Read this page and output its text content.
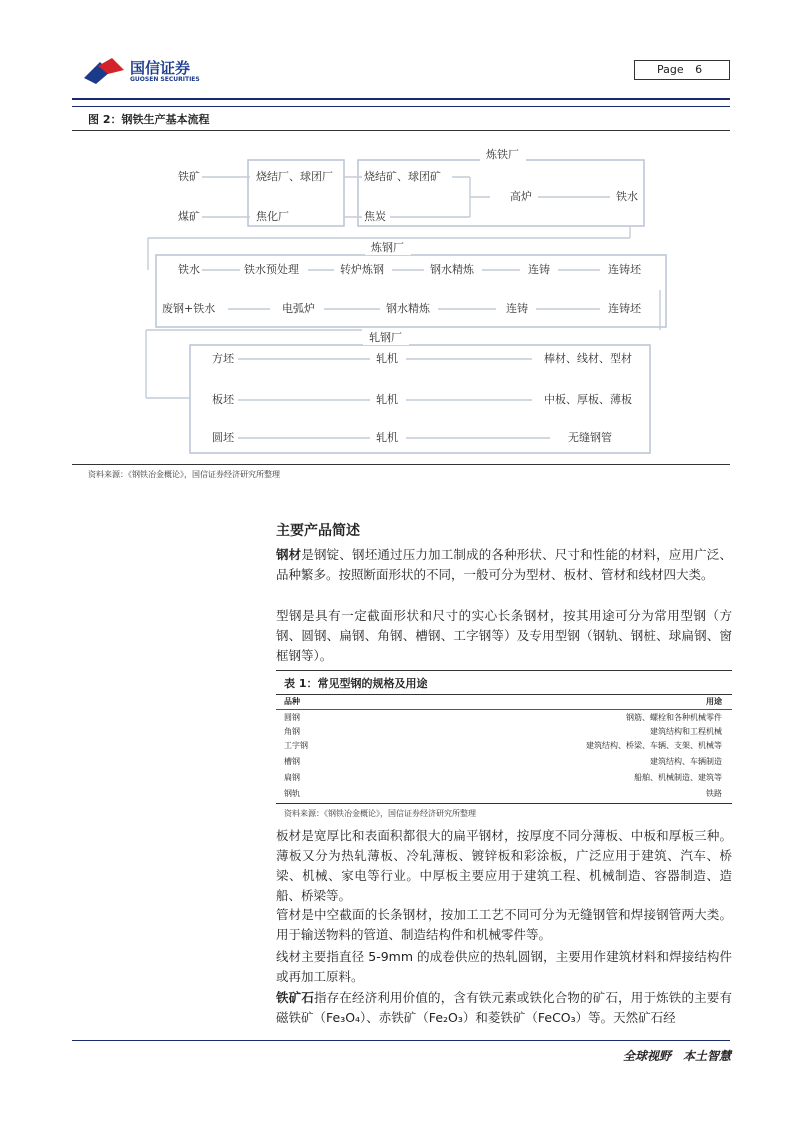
国信证券
GUOSEN SECURITIES
Page 6
图 2：钢铁生产基本流程
炼铁厂
炼钢厂
轧钢厂
铁矿
煤矿
烧结厂、球团厂
焦化厂
烧结矿、球团矿
焦炭
高炉	铁水
铁水	铁水预处理	转炉炼钢	钢水精炼	连铸	连铸坯
废钢+铁水	电弧炉	钢水精炼	连铸	连铸坯
方坯	轧机	棒材、线材、型材
板坯	轧机	中板、厚板、薄板
圆坯	轧机	无缝钢管
资料来源：《钢铁冶金概论》，国信证券经济研究所整理
主要产品简述
钢材是钢锭、钢坯通过压力加工制成的各种形状、尺寸和性能的材料，应用广泛、品种繁多。按照断面形状的不同，一般可分为型材、板材、管材和线材四大类。
型钢是具有一定截面形状和尺寸的实心长条钢材，按其用途可分为常用型钢（方钢、圆钢、扁钢、角钢、槽钢、工字钢等）及专用型钢（钢轨、钢桩、球扁钢、窗框钢等）。
表 1：常见型钢的规格及用途
品种	用途
圆钢	钢筋、螺栓和各种机械零件
角钢	建筑结构和工程机械
工字钢	建筑结构、桥梁、车辆、支架、机械等
槽钢	建筑结构、车辆制造
扁钢	船舶、机械制造、建筑等
钢轨	铁路
资料来源：《钢铁冶金概论》，国信证券经济研究所整理
板材是宽厚比和表面积都很大的扁平钢材，按厚度不同分薄板、中板和厚板三种。薄板又分为热轧薄板、冷轧薄板、镀锌板和彩涂板，广泛应用于建筑、汽车、桥梁、机械、家电等行业。中厚板主要应用于建筑工程、机械制造、容器制造、造船、桥梁等。
管材是中空截面的长条钢材，按加工工艺不同可分为无缝钢管和焊接钢管两大类。用于输送物料的管道、制造结构件和机械零件等。
线材主要指直径 5-9mm 的成卷供应的热轧圆钢，主要用作建筑材料和焊接结构件或再加工原料。
铁矿石指存在经济利用价值的，含有铁元素或铁化合物的矿石，用于炼铁的主要有磁铁矿（Fe₃O₄）、赤铁矿（Fe₂O₃）和菱铁矿（FeCO₃）等。天然矿石经
全球视野　本土智慧
